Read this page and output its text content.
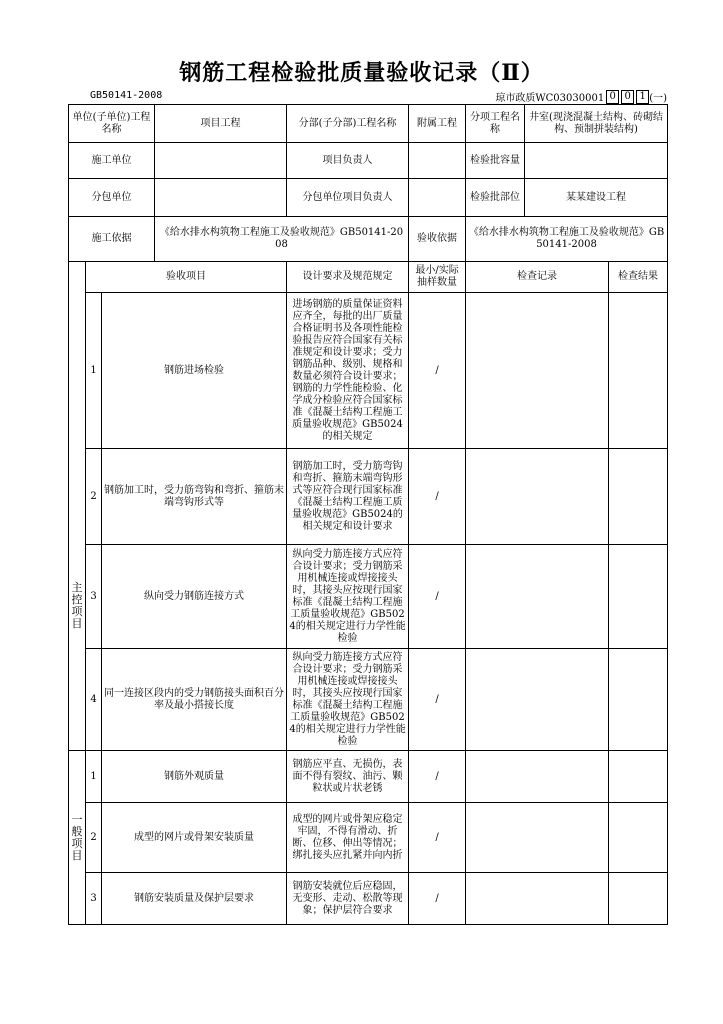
钢筋工程检验批质量验收记录（Ⅱ）
GB50141-2008	琼市政质WC03030001 0 0 1 (一)
单位(子单位)工程名称			项目工程	分部(子分部)工程名称	附属工程	分项工程名称	井室(现浇混凝土结构、砖砌结构、预制拼装结构)	
施工单位				项目负责人		检验批容量		
分包单位				分包单位项目负责人		检验批部位	某某建设工程	
施工依据			《给水排水构筑物工程施工及验收规范》GB50141-2008		验收依据	《给水排水构筑物工程施工及验收规范》GB50141-2008		

主控项目	验收项目			设计要求及规范规定	最小/实际抽样数量	检查记录		检查结果
	1	钢筋进场检验		进场钢筋的质量保证资料应齐全，每批的出厂质量合格证明书及各项性能检验报告应符合国家有关标准规定和设计要求；受力钢筋品种、级别、规格和数量必须符合设计要求；钢筋的力学性能检验、化学成分检验应符合国家标准《混凝土结构工程施工质量验收规范》GB5024的相关规定	/			
	2	钢筋加工时，受力筋弯钩和弯折、箍筋末端弯钩形式等		钢筋加工时，受力筋弯钩和弯折、箍筋末端弯钩形式等应符合现行国家标准《混凝土结构工程施工质量验收规范》GB5024的相关规定和设计要求	/			
	3	纵向受力钢筋连接方式		纵向受力筋连接方式应符合设计要求；受力钢筋采用机械连接或焊接接头时，其接头应按现行国家标准《混凝土结构工程施工质量验收规范》GB5024的相关规定进行力学性能检验	/			
	4	同一连接区段内的受力钢筋接头面积百分率及最小搭接长度		纵向受力筋连接方式应符合设计要求；受力钢筋采用机械连接或焊接接头时，其接头应按现行国家标准《混凝土结构工程施工质量验收规范》GB5024的相关规定进行力学性能检验	/			

一般项目	1	钢筋外观质量		钢筋应平直、无损伤，表面不得有裂纹、油污、颗粒状或片状老锈	/			
	2	成型的网片或骨架安装质量		成型的网片或骨架应稳定牢固，不得有滑动、折断、位移、伸出等情况；绑扎接头应扎紧并向内折	/			
	3	钢筋安装质量及保护层要求		钢筋安装就位后应稳固，无变形、走动、松散等现象；保护层符合要求	/			
